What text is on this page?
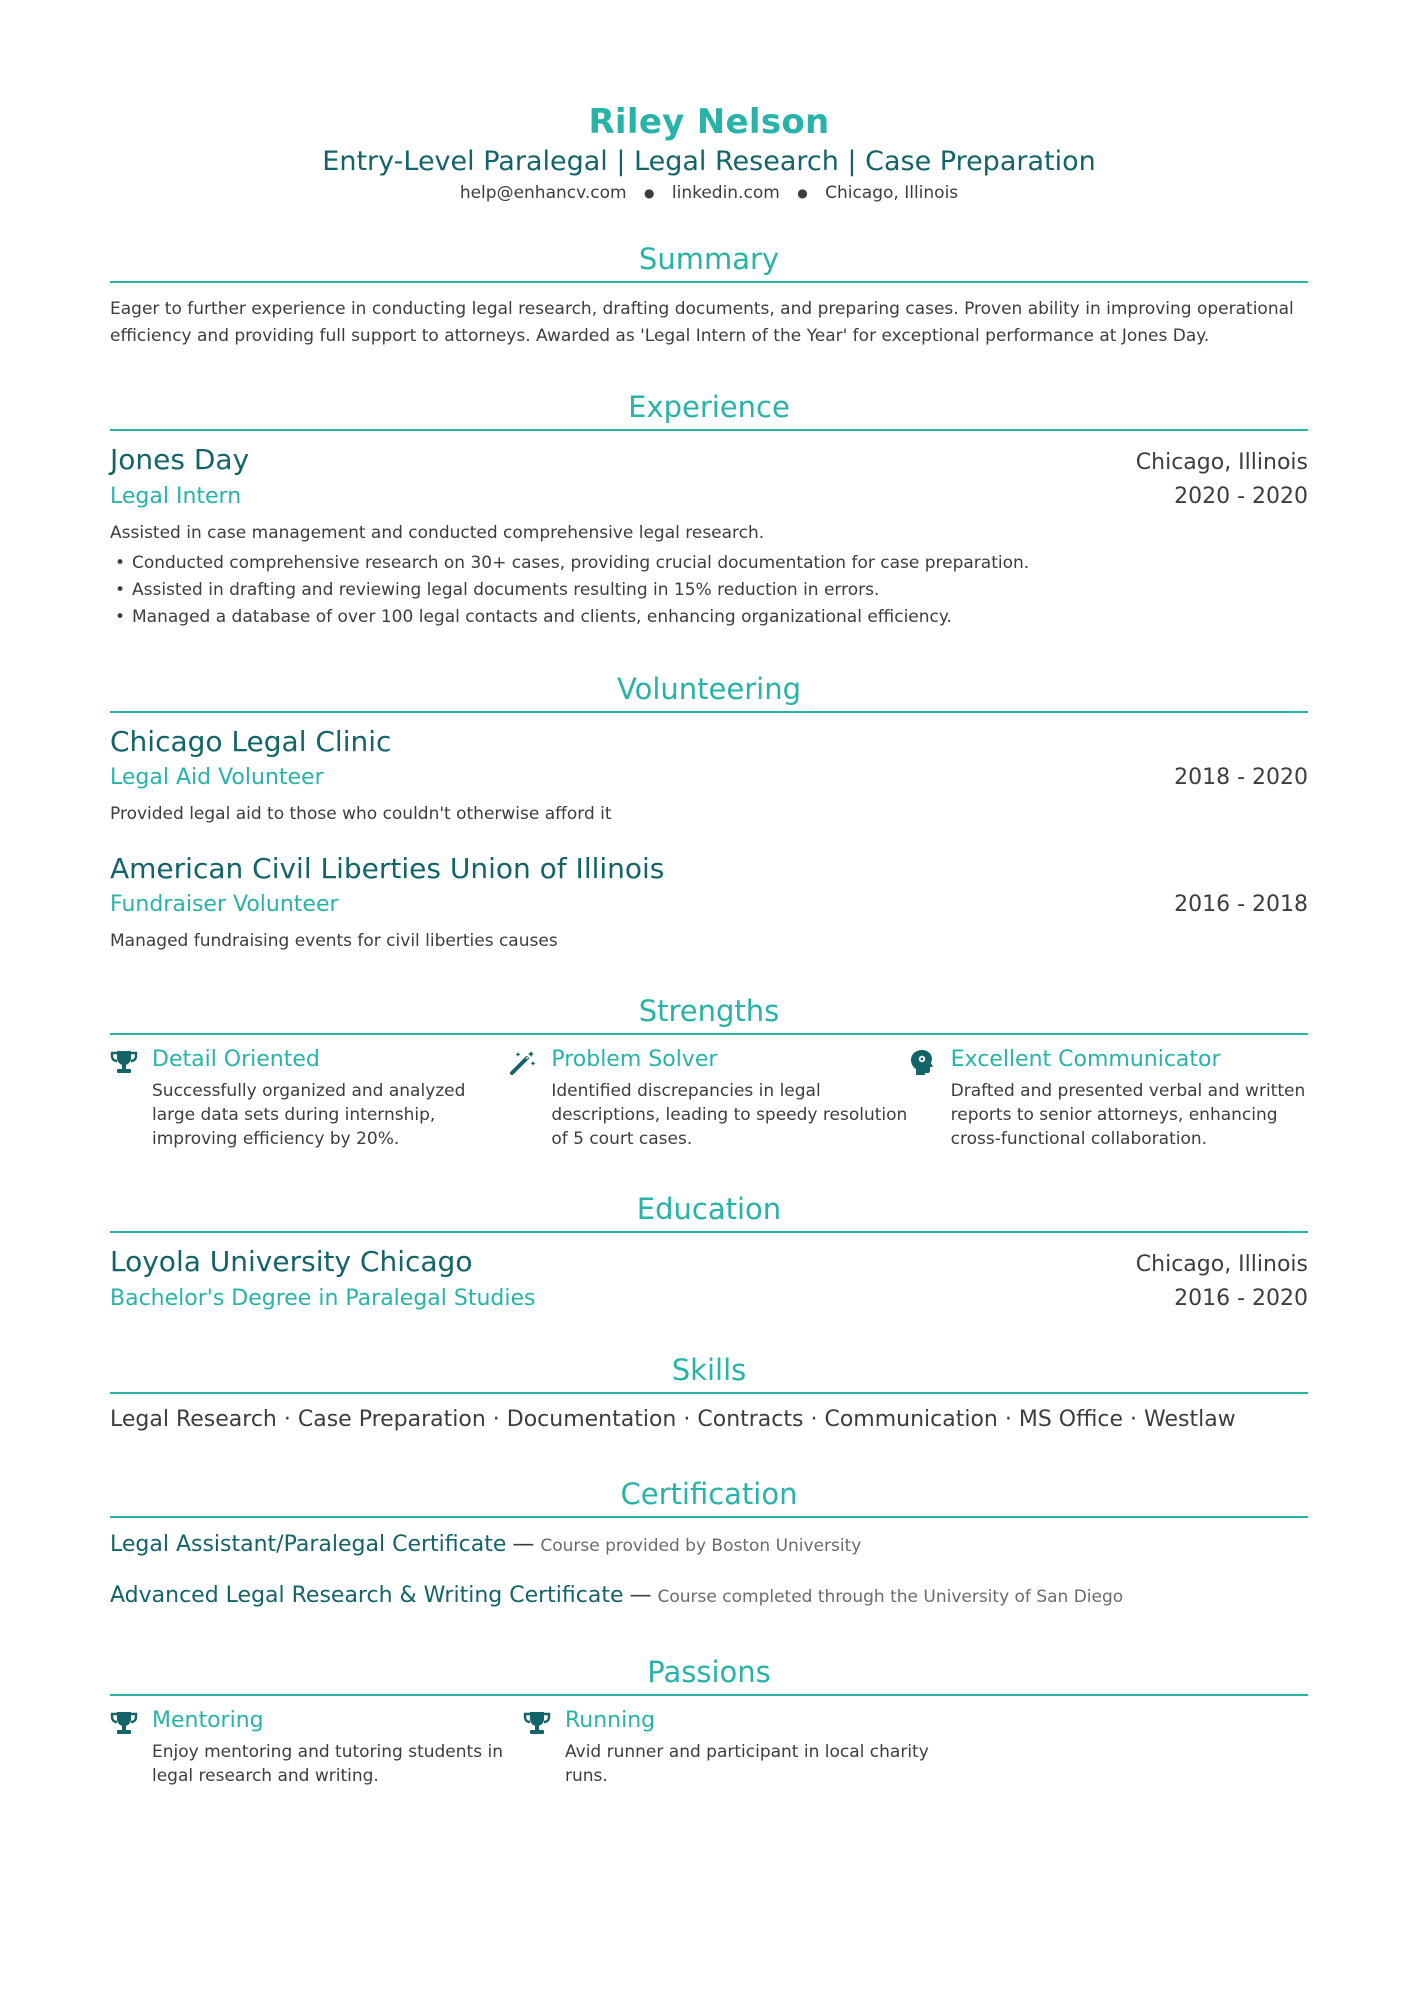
Riley Nelson
Entry-Level Paralegal | Legal Research | Case Preparation
help@enhancv.com ● linkedin.com ● Chicago, Illinois
Summary
Eager to further experience in conducting legal research, drafting documents, and preparing cases. Proven ability in improving operational efficiency and providing full support to attorneys. Awarded as 'Legal Intern of the Year' for exceptional performance at Jones Day.
Experience
Jones Day	Chicago, Illinois
Legal Intern	2020 - 2020
Assisted in case management and conducted comprehensive legal research.
• Conducted comprehensive research on 30+ cases, providing crucial documentation for case preparation.
• Assisted in drafting and reviewing legal documents resulting in 15% reduction in errors.
• Managed a database of over 100 legal contacts and clients, enhancing organizational efficiency.
Volunteering
Chicago Legal Clinic
Legal Aid Volunteer	2018 - 2020
Provided legal aid to those who couldn't otherwise afford it
American Civil Liberties Union of Illinois
Fundraiser Volunteer	2016 - 2018
Managed fundraising events for civil liberties causes
Strengths
Detail Oriented
Successfully organized and analyzed large data sets during internship, improving efficiency by 20%.
Problem Solver
Identified discrepancies in legal descriptions, leading to speedy resolution of 5 court cases.
Excellent Communicator
Drafted and presented verbal and written reports to senior attorneys, enhancing cross-functional collaboration.
Education
Loyola University Chicago	Chicago, Illinois
Bachelor's Degree in Paralegal Studies	2016 - 2020
Skills
Legal Research · Case Preparation · Documentation · Contracts · Communication · MS Office · Westlaw
Certification
Legal Assistant/Paralegal Certificate — Course provided by Boston University
Advanced Legal Research & Writing Certificate — Course completed through the University of San Diego
Passions
Mentoring
Enjoy mentoring and tutoring students in legal research and writing.
Running
Avid runner and participant in local charity runs.
